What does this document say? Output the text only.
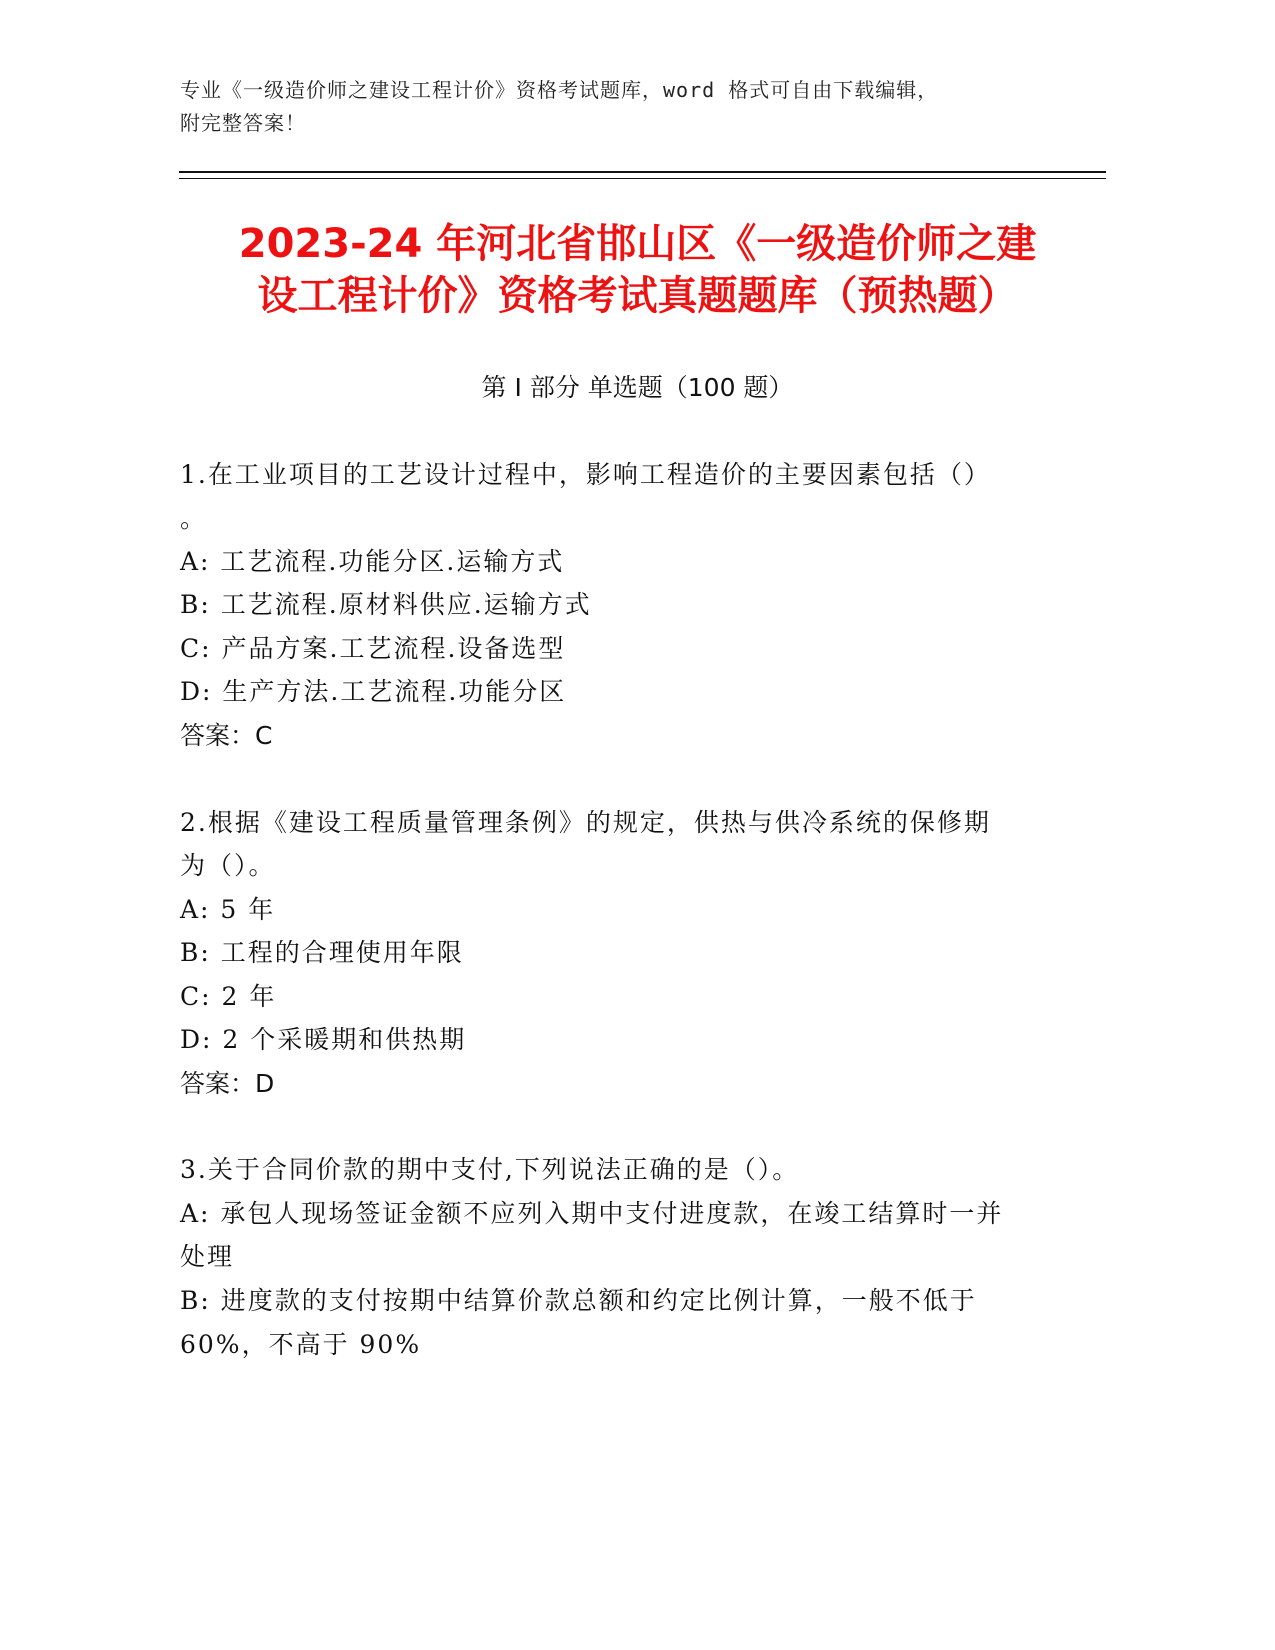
专业《一级造价师之建设工程计价》资格考试题库，word 格式可自由下载编辑，
附完整答案！
2023-24 年河北省邯山区《一级造价师之建
设工程计价》资格考试真题题库（预热题）
第 I 部分 单选题（100 题）
1.在工业项目的工艺设计过程中，影响工程造价的主要因素包括（）
。
A: 工艺流程.功能分区.运输方式
B: 工艺流程.原材料供应.运输方式
C: 产品方案.工艺流程.设备选型
D: 生产方法.工艺流程.功能分区
答案：C
2.根据《建设工程质量管理条例》的规定，供热与供冷系统的保修期
为（）。
A: 5 年
B: 工程的合理使用年限
C: 2 年
D: 2 个采暖期和供热期
答案：D
3.关于合同价款的期中支付,下列说法正确的是（）。
A: 承包人现场签证金额不应列入期中支付进度款，在竣工结算时一并
处理
B: 进度款的支付按期中结算价款总额和约定比例计算，一般不低于
60%，不高于 90%
